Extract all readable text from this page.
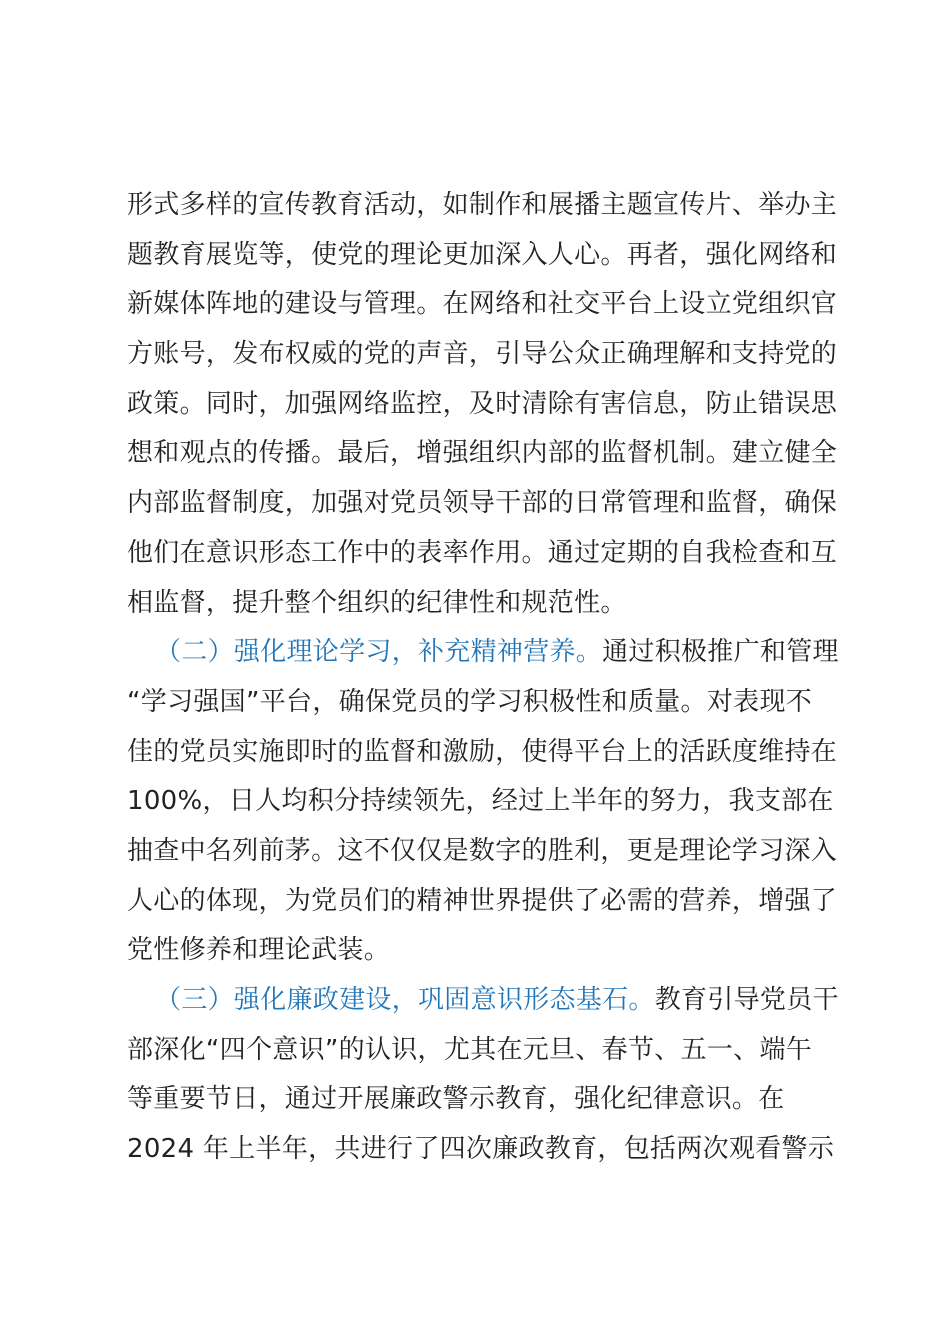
形式多样的宣传教育活动，如制作和展播主题宣传片、举办主
题教育展览等，使党的理论更加深入人心。再者，强化网络和
新媒体阵地的建设与管理。在网络和社交平台上设立党组织官
方账号，发布权威的党的声音，引导公众正确理解和支持党的
政策。同时，加强网络监控，及时清除有害信息，防止错误思
想和观点的传播。最后，增强组织内部的监督机制。建立健全
内部监督制度，加强对党员领导干部的日常管理和监督，确保
他们在意识形态工作中的表率作用。通过定期的自我检查和互
相监督，提升整个组织的纪律性和规范性。
（二）强化理论学习，补充精神营养。通过积极推广和管理
“学习强国”平台，确保党员的学习积极性和质量。对表现不
佳的党员实施即时的监督和激励，使得平台上的活跃度维持在
100%，日人均积分持续领先，经过上半年的努力，我支部在
抽查中名列前茅。这不仅仅是数字的胜利，更是理论学习深入
人心的体现，为党员们的精神世界提供了必需的营养，增强了
党性修养和理论武装。
（三）强化廉政建设，巩固意识形态基石。教育引导党员干
部深化“四个意识”的认识，尤其在元旦、春节、五一、端午
等重要节日，通过开展廉政警示教育，强化纪律意识。在
2024 年上半年，共进行了四次廉政教育，包括两次观看警示
